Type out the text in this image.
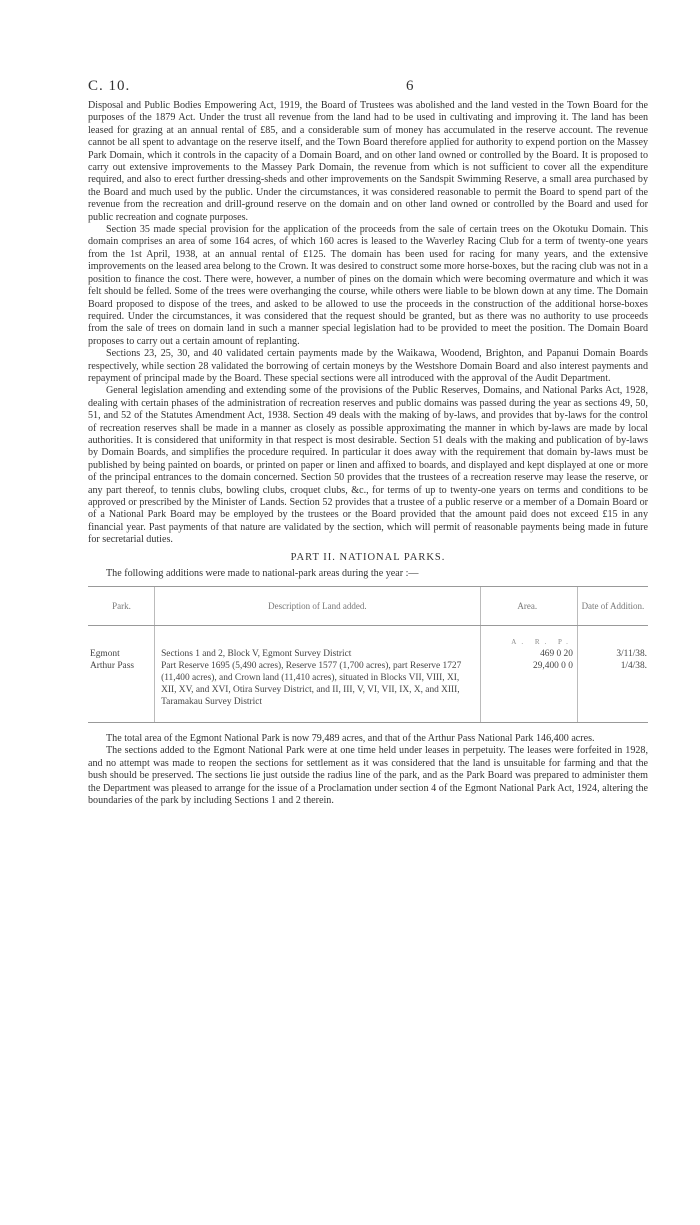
C. 10.	6

Disposal and Public Bodies Empowering Act, 1919, the Board of Trustees was abolished and the land vested in the Town Board for the purposes of the 1879 Act. Under the trust all revenue from the land had to be used in cultivating and improving it. The land has been leased for grazing at an annual rental of £85, and a considerable sum of money has accumulated in the reserve account. The revenue cannot be all spent to advantage on the reserve itself, and the Town Board therefore applied for authority to expend portion on the Massey Park Domain, which it controls in the capacity of a Domain Board, and on other land owned or controlled by the Board. It is proposed to carry out extensive improvements to the Massey Park Domain, the revenue from which is not sufficient to cover all the expenditure required, and also to erect further dressing-sheds and other improvements on the Sandspit Swimming Reserve, a small area purchased by the Board and much used by the public. Under the circumstances, it was considered reasonable to permit the Board to spend part of the revenue from the recreation and drill-ground reserve on the domain and on other land owned or controlled by the Board and used for public recreation and cognate purposes.

Section 35 made special provision for the application of the proceeds from the sale of certain trees on the Okotuku Domain. This domain comprises an area of some 164 acres, of which 160 acres is leased to the Waverley Racing Club for a term of twenty-one years from the 1st April, 1938, at an annual rental of £125. The domain has been used for racing for many years, and the extensive improvements on the leased area belong to the Crown. It was desired to construct some more horse-boxes, but the racing club was not in a position to finance the cost. There were, however, a number of pines on the domain which were becoming overmature and which it was felt should be felled. Some of the trees were overhanging the course, while others were liable to be blown down at any time. The Domain Board proposed to dispose of the trees, and asked to be allowed to use the proceeds in the construction of the additional horse-boxes required. Under the circumstances, it was considered that the request should be granted, but as there was no authority to use proceeds from the sale of trees on domain land in such a manner special legislation had to be provided to meet the position. The Domain Board proposes to carry out a certain amount of replanting.

Sections 23, 25, 30, and 40 validated certain payments made by the Waikawa, Woodend, Brighton, and Papanui Domain Boards respectively, while section 28 validated the borrowing of certain moneys by the Westshore Domain Board and also interest payments and repayment of principal made by the Board. These special sections were all introduced with the approval of the Audit Department.

General legislation amending and extending some of the provisions of the Public Reserves, Domains, and National Parks Act, 1928, dealing with certain phases of the administration of recreation reserves and public domains was passed during the year as sections 49, 50, 51, and 52 of the Statutes Amendment Act, 1938. Section 49 deals with the making of by-laws, and provides that by-laws for the control of recreation reserves shall be made in a manner as closely as possible approximating the manner in which by-laws are made by local authorities. It is considered that uniformity in that respect is most desirable. Section 51 deals with the making and publication of by-laws by Domain Boards, and simplifies the procedure required. In particular it does away with the requirement that domain by-laws must be published by being painted on boards, or printed on paper or linen and affixed to boards, and displayed and kept displayed at one or more of the principal entrances to the domain concerned. Section 50 provides that the trustees of a recreation reserve may lease the reserve, or any part thereof, to tennis clubs, bowling clubs, croquet clubs, &c., for terms of up to twenty-one years on terms and conditions to be approved or prescribed by the Minister of Lands. Section 52 provides that a trustee of a public reserve or a member of a Domain Board or of a National Park Board may be employed by the trustees or the Board provided that the amount paid does not exceed £15 in any financial year. Past payments of that nature are validated by the section, which will permit of reasonable payments being made in future for secretarial duties.

PART II. NATIONAL PARKS.

The following additions were made to national-park areas during the year :—

Park.	Description of Land added.	Area.	Date of Addition.
		A. R. P.	
Egmont	Sections 1 and 2, Block V, Egmont Survey District	469 0 20	3/11/38.
Arthur Pass	Part Reserve 1695 (5,490 acres), Reserve 1577 (1,700 acres), part Reserve 1727 (11,400 acres), and Crown land (11,410 acres), situated in Blocks VII, VIII, XI, XII, XV, and XVI, Otira Survey District, and II, III, V, VI, VII, IX, X, and XIII, Taramakau Survey District	29,400 0 0	1/4/38.

The total area of the Egmont National Park is now 79,489 acres, and that of the Arthur Pass National Park 146,400 acres.

The sections added to the Egmont National Park were at one time held under leases in perpetuity. The leases were forfeited in 1928, and no attempt was made to reopen the sections for settlement as it was considered that the land is unsuitable for farming and that the bush should be preserved. The sections lie just outside the radius line of the park, and as the Park Board was prepared to administer them the Department was pleased to arrange for the issue of a Proclamation under section 4 of the Egmont National Park Act, 1924, altering the boundaries of the park by including Sections 1 and 2 therein.
